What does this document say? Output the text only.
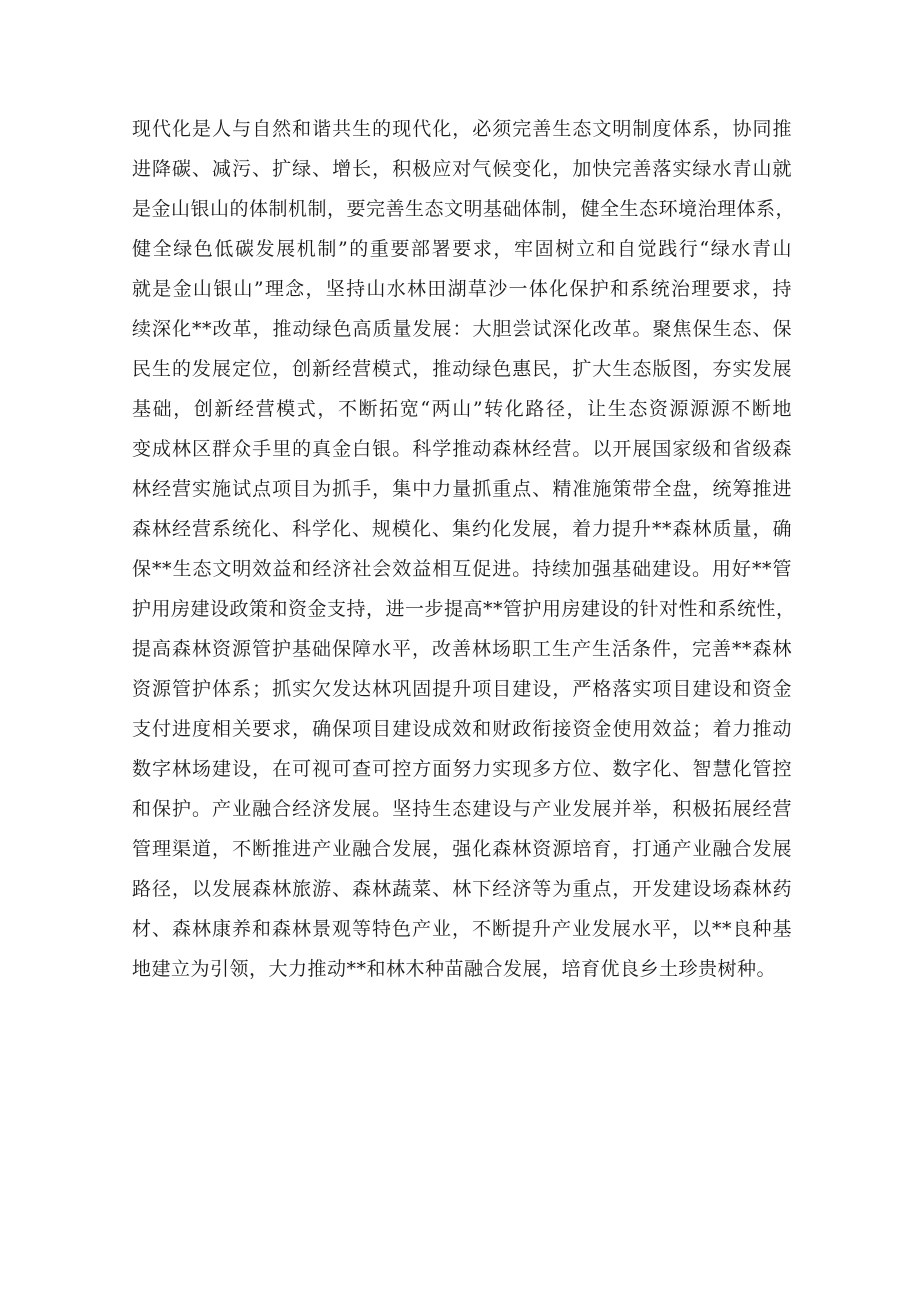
现代化是人与自然和谐共生的现代化，必须完善生态文明制度体系，协同推
进降碳、减污、扩绿、增长，积极应对气候变化，加快完善落实绿水青山就
是金山银山的体制机制，要完善生态文明基础体制，健全生态环境治理体系，
健全绿色低碳发展机制”的重要部署要求，牢固树立和自觉践行“绿水青山
就是金山银山”理念，坚持山水林田湖草沙一体化保护和系统治理要求，持
续深化**改革，推动绿色高质量发展：大胆尝试深化改革。聚焦保生态、保
民生的发展定位，创新经营模式，推动绿色惠民，扩大生态版图，夯实发展
基础，创新经营模式，不断拓宽“两山”转化路径，让生态资源源源不断地
变成林区群众手里的真金白银。科学推动森林经营。以开展国家级和省级森
林经营实施试点项目为抓手，集中力量抓重点、精准施策带全盘，统筹推进
森林经营系统化、科学化、规模化、集约化发展，着力提升**森林质量，确
保**生态文明效益和经济社会效益相互促进。持续加强基础建设。用好**管
护用房建设政策和资金支持，进一步提高**管护用房建设的针对性和系统性，
提高森林资源管护基础保障水平，改善林场职工生产生活条件，完善**森林
资源管护体系；抓实欠发达林巩固提升项目建设，严格落实项目建设和资金
支付进度相关要求，确保项目建设成效和财政衔接资金使用效益；着力推动
数字林场建设，在可视可查可控方面努力实现多方位、数字化、智慧化管控
和保护。产业融合经济发展。坚持生态建设与产业发展并举，积极拓展经营
管理渠道，不断推进产业融合发展，强化森林资源培育，打通产业融合发展
路径，以发展森林旅游、森林蔬菜、林下经济等为重点，开发建设场森林药
材、森林康养和森林景观等特色产业，不断提升产业发展水平，以**良种基
地建立为引领，大力推动**和林木种苗融合发展，培育优良乡土珍贵树种。
